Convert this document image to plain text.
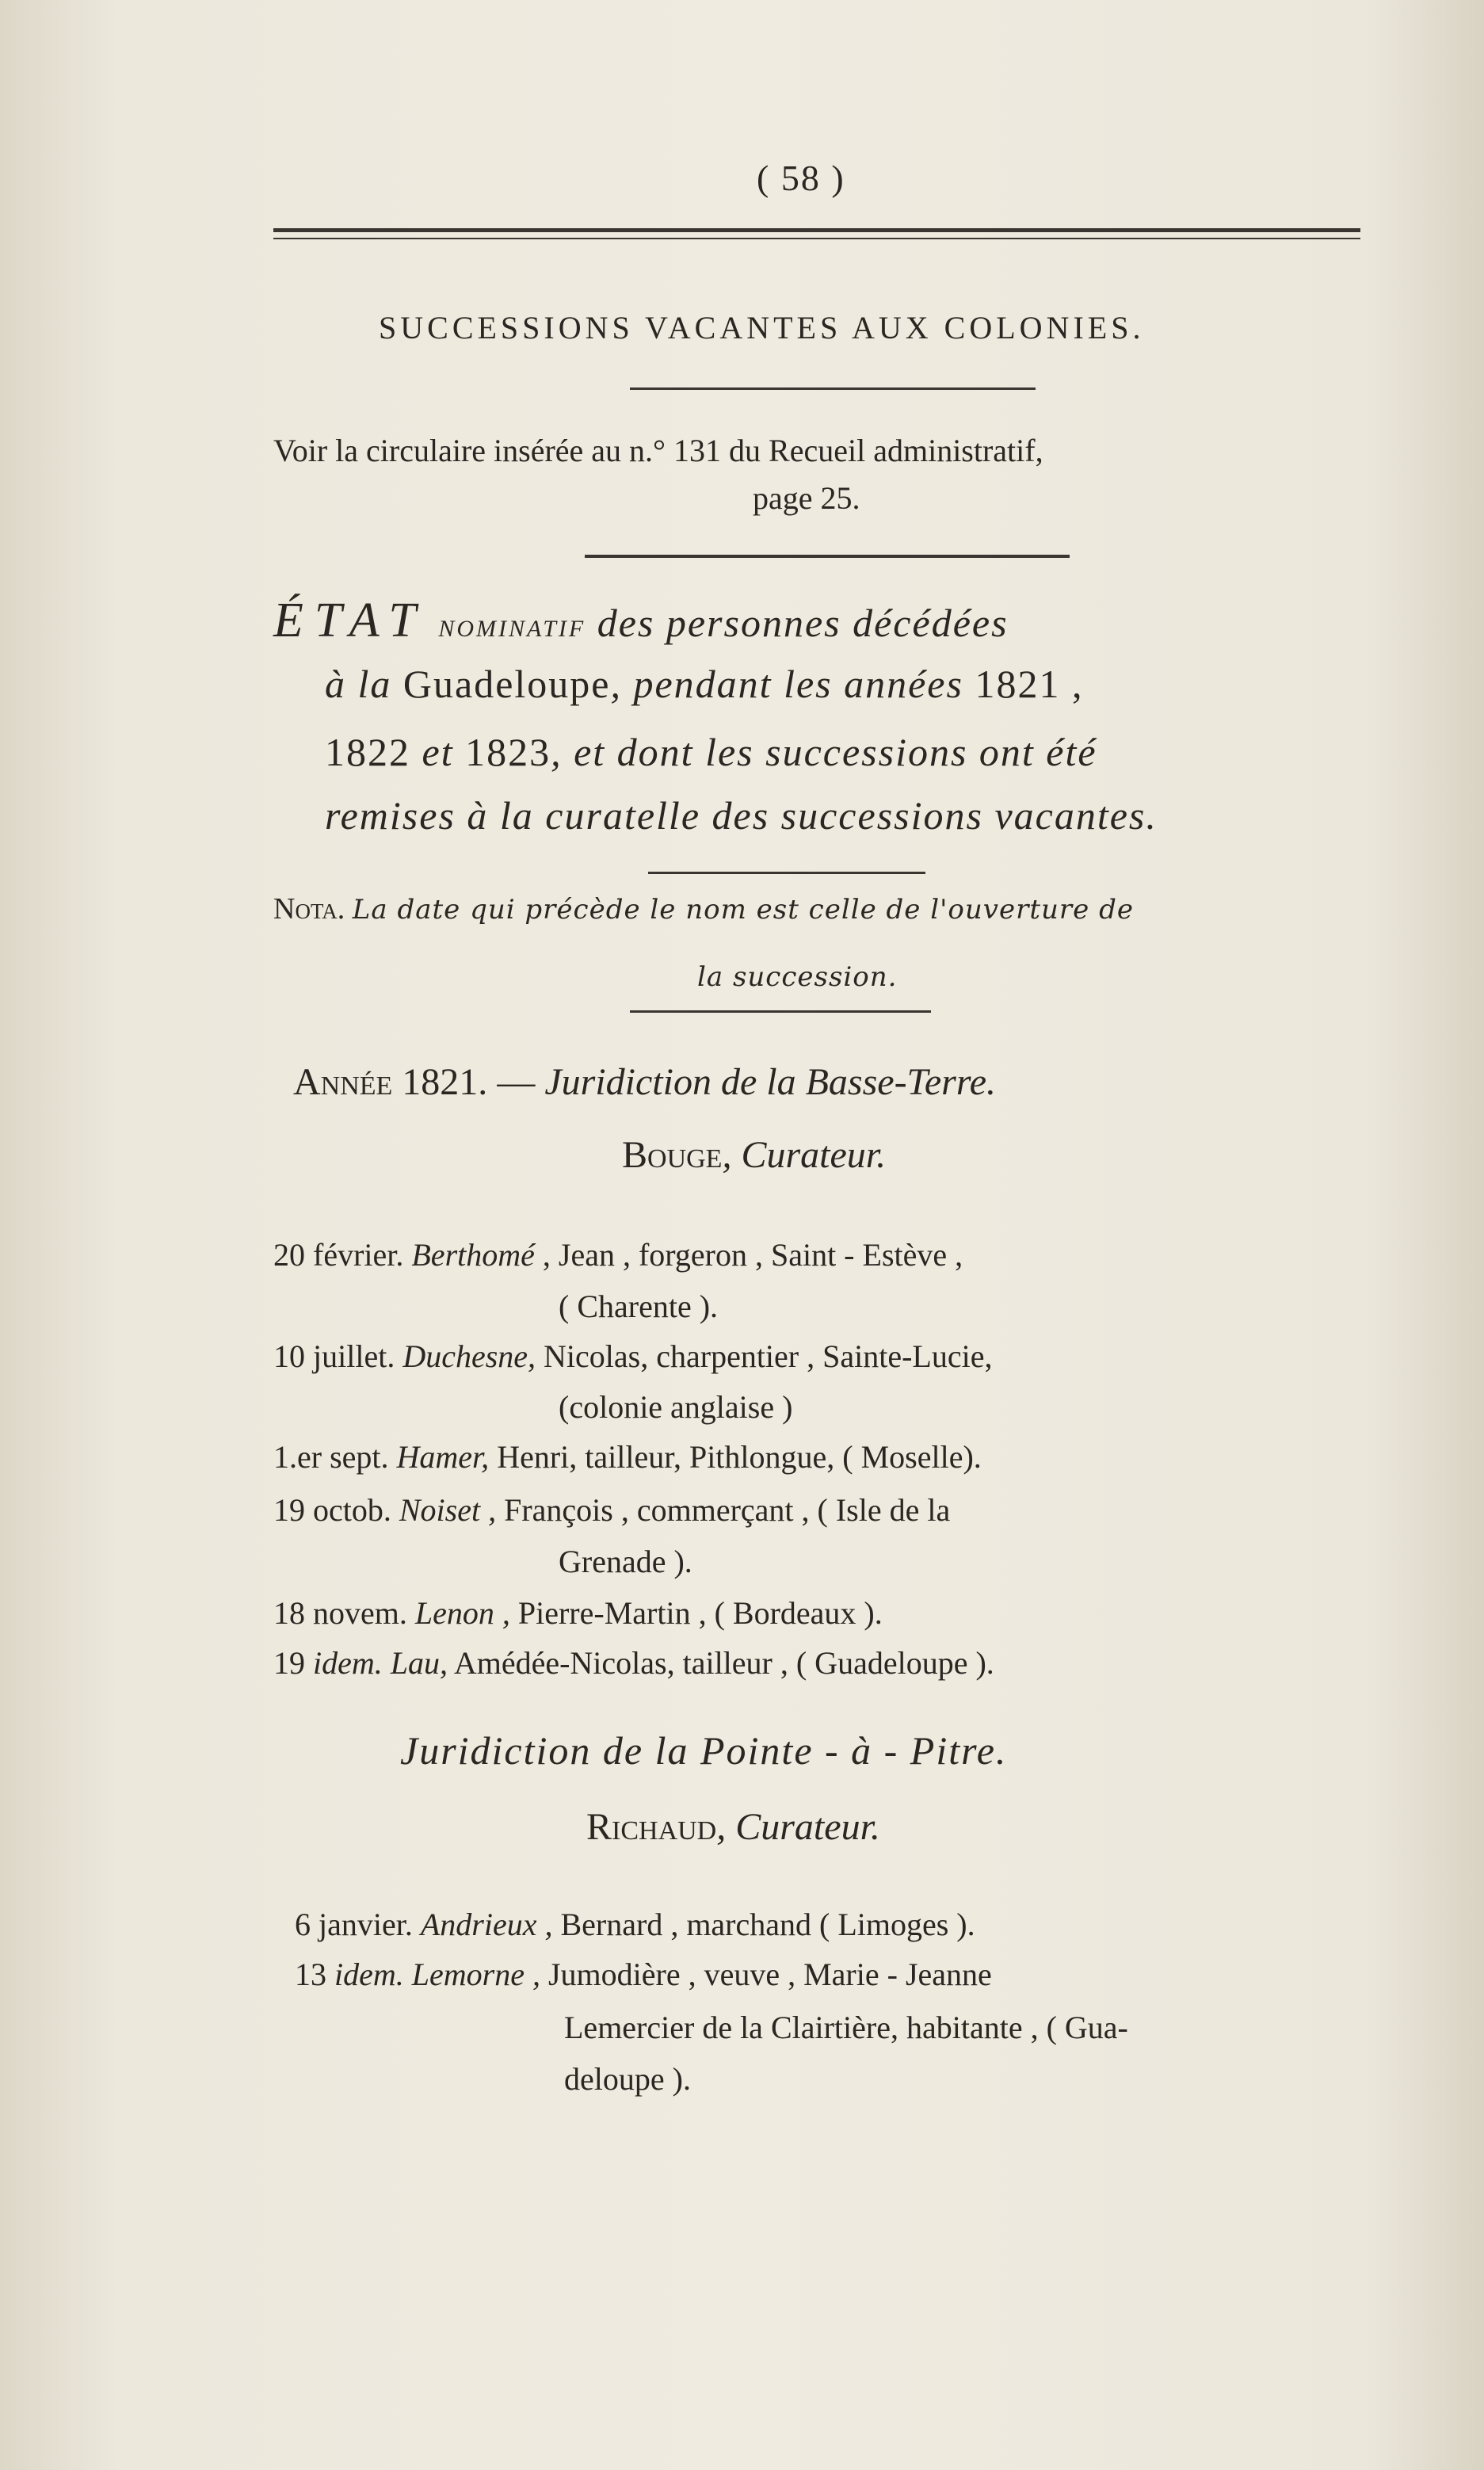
( 58 )
SUCCESSIONS VACANTES AUX COLONIES.
Voir la circulaire insérée au n.° 131 du Recueil administratif,
page 25.
ÉTAT NOMINATIF des personnes décédées
à la Guadeloupe, pendant les années 1821 ,
1822 et 1823, et dont les successions ont été
remises à la curatelle des successions vacantes.
Nota. La date qui précède le nom est celle de l'ouverture de
la succession.
Année 1821. — Juridiction de la Basse-Terre.
Bouge, Curateur.
20 février. Berthomé , Jean , forgeron , Saint - Estève ,
( Charente ).
10 juillet. Duchesne, Nicolas, charpentier , Sainte-Lucie,
(colonie anglaise )
1.er sept. Hamer, Henri, tailleur, Pithlongue, ( Moselle).
19 octob. Noiset , François , commerçant , ( Isle de la
Grenade ).
18 novem. Lenon , Pierre-Martin , ( Bordeaux ).
19 idem. Lau, Amédée-Nicolas, tailleur , ( Guadeloupe ).
Juridiction de la Pointe - à - Pitre.
Richaud, Curateur.
6 janvier. Andrieux , Bernard , marchand ( Limoges ).
13 idem. Lemorne , Jumodière , veuve , Marie - Jeanne
Lemercier de la Clairtière, habitante , ( Gua-
deloupe ).
